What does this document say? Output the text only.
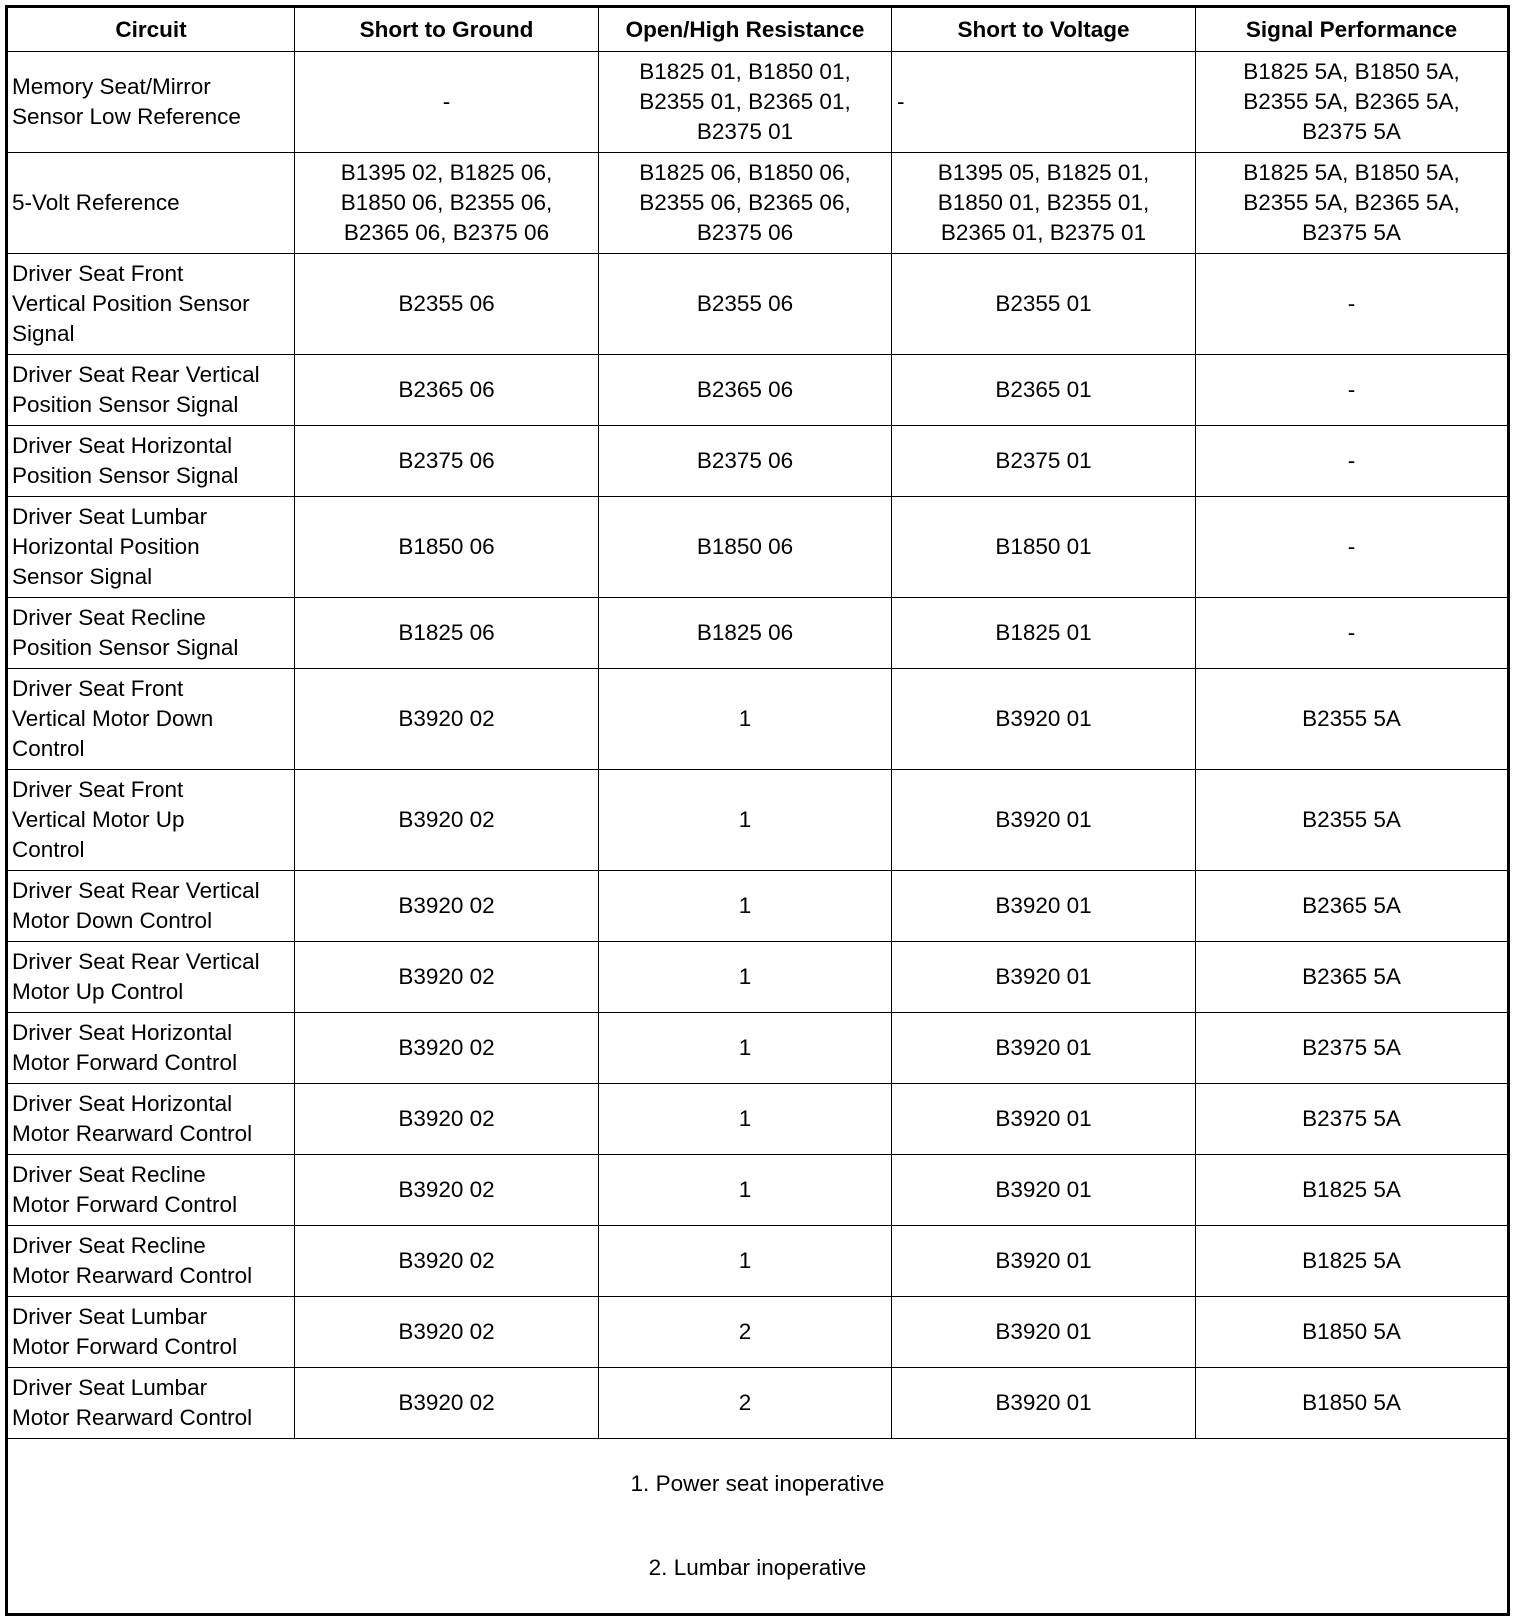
Circuit	Short to Ground	Open/High Resistance	Short to Voltage	Signal Performance
Memory Seat/Mirror
Sensor Low Reference	-	B1825 01, B1850 01,
B2355 01, B2365 01,
B2375 01	-	B1825 5A, B1850 5A,
B2355 5A, B2365 5A,
B2375 5A
5-Volt Reference	B1395 02, B1825 06,
B1850 06, B2355 06,
B2365 06, B2375 06	B1825 06, B1850 06,
B2355 06, B2365 06,
B2375 06	B1395 05, B1825 01,
B1850 01, B2355 01,
B2365 01, B2375 01	B1825 5A, B1850 5A,
B2355 5A, B2365 5A,
B2375 5A
Driver Seat Front
Vertical Position Sensor
Signal	B2355 06	B2355 06	B2355 01	-
Driver Seat Rear Vertical
Position Sensor Signal	B2365 06	B2365 06	B2365 01	-
Driver Seat Horizontal
Position Sensor Signal	B2375 06	B2375 06	B2375 01	-
Driver Seat Lumbar
Horizontal Position
Sensor Signal	B1850 06	B1850 06	B1850 01	-
Driver Seat Recline
Position Sensor Signal	B1825 06	B1825 06	B1825 01	-
Driver Seat Front
Vertical Motor Down
Control	B3920 02	1	B3920 01	B2355 5A
Driver Seat Front
Vertical Motor Up
Control	B3920 02	1	B3920 01	B2355 5A
Driver Seat Rear Vertical
Motor Down Control	B3920 02	1	B3920 01	B2365 5A
Driver Seat Rear Vertical
Motor Up Control	B3920 02	1	B3920 01	B2365 5A
Driver Seat Horizontal
Motor Forward Control	B3920 02	1	B3920 01	B2375 5A
Driver Seat Horizontal
Motor Rearward Control	B3920 02	1	B3920 01	B2375 5A
Driver Seat Recline
Motor Forward Control	B3920 02	1	B3920 01	B1825 5A
Driver Seat Recline
Motor Rearward Control	B3920 02	1	B3920 01	B1825 5A
Driver Seat Lumbar
Motor Forward Control	B3920 02	2	B3920 01	B1850 5A
Driver Seat Lumbar
Motor Rearward Control	B3920 02	2	B3920 01	B1850 5A

1. Power seat inoperative

2. Lumbar inoperative				
